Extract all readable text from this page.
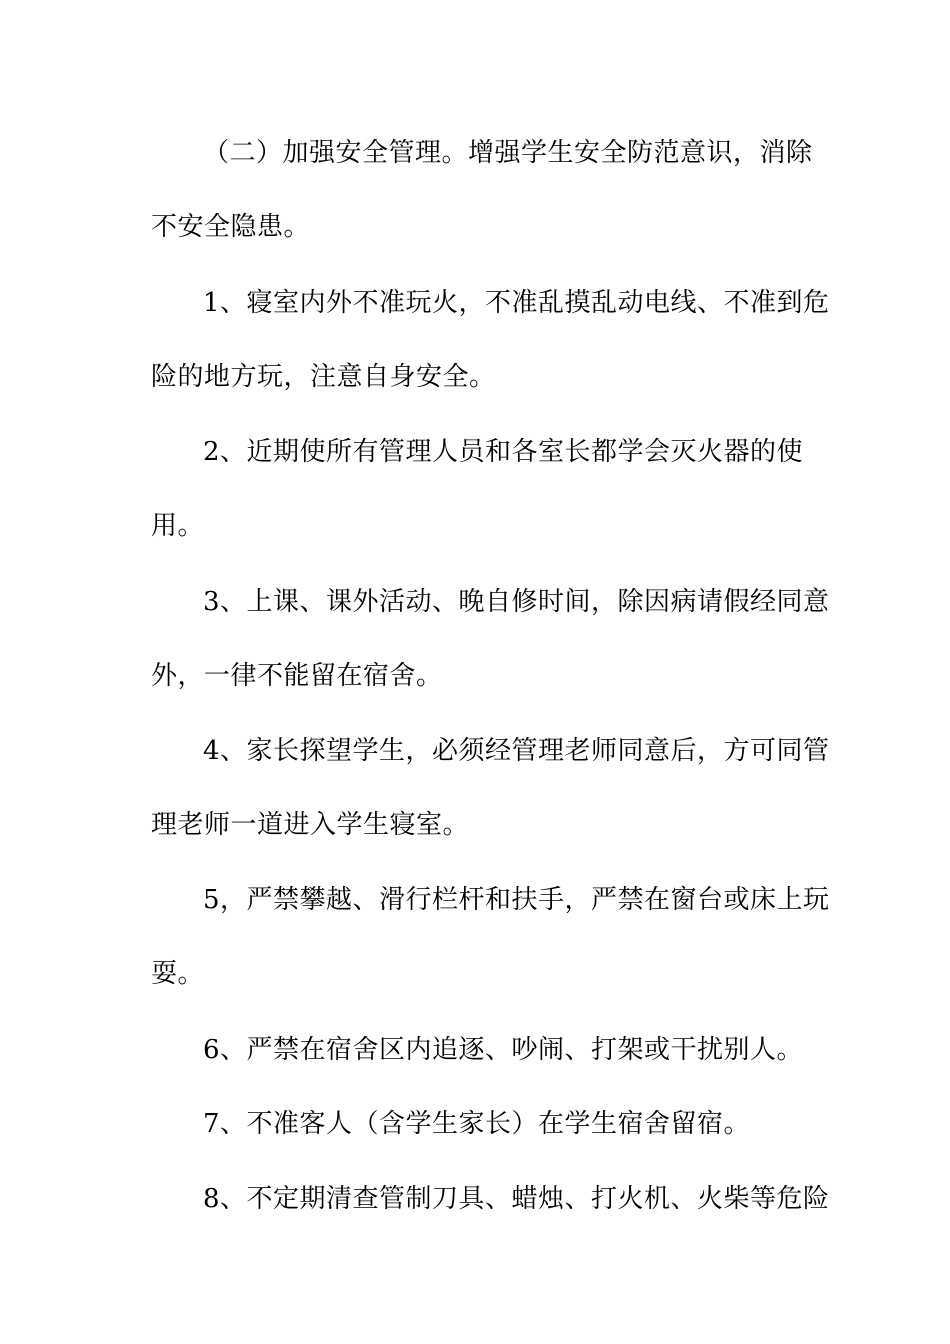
（二）加强安全管理。增强学生安全防范意识，消除
不安全隐患。
1、寝室内外不准玩火，不准乱摸乱动电线、不准到危
险的地方玩，注意自身安全。
2、近期使所有管理人员和各室长都学会灭火器的使
用。
3、上课、课外活动、晚自修时间，除因病请假经同意
外，一律不能留在宿舍。
4、家长探望学生，必须经管理老师同意后，方可同管
理老师一道进入学生寝室。
5，严禁攀越、滑行栏杆和扶手，严禁在窗台或床上玩
耍。
6、严禁在宿舍区内追逐、吵闹、打架或干扰别人。
7、不准客人（含学生家长）在学生宿舍留宿。
8、不定期清查管制刀具、蜡烛、打火机、火柴等危险
